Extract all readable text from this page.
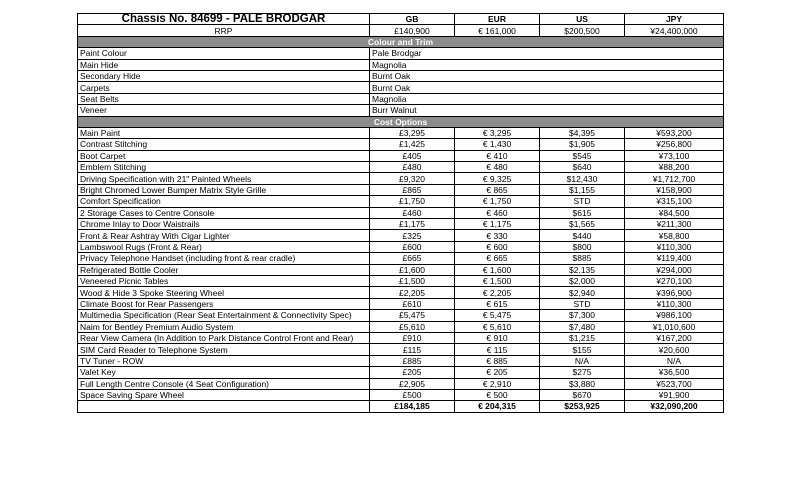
Chassis No. 84699 - PALE BRODGAR	GB	EUR	US	JPY
RRP	£140,900	€ 161,000	$200,500	¥24,400,000
Colour and Trim				
Paint Colour	Pale Brodgar			
Main Hide	Magnolia			
Secondary Hide	Burnt Oak			
Carpets	Burnt Oak			
Seat Belts	Magnolia			
Veneer	Burr Walnut			
Cost Options				
Main Paint	£3,295	€ 3,295	$4,395	¥593,200
Contrast Stitching	£1,425	€ 1,430	$1,905	¥256,800
Boot Carpet	£405	€ 410	$545	¥73,100
Emblem Stitching	£480	€ 480	$640	¥88,200
Driving Specification with 21" Painted Wheels	£9,320	€ 9,325	$12,430	¥1,712,700
Bright Chromed Lower Bumper Matrix Style Grille	£865	€ 865	$1,155	¥158,900
Comfort Specification	£1,750	€ 1,750	STD	¥315,100
2 Storage Cases to Centre Console	£460	€ 460	$615	¥84,500
Chrome Inlay to Door Waistrails	£1,175	€ 1,175	$1,565	¥211,300
Front & Rear Ashtray With Cigar Lighter	£325	€ 330	$440	¥58,800
Lambswool Rugs (Front & Rear)	£600	€ 600	$800	¥110,300
Privacy Telephone Handset (including front & rear cradle)	£665	€ 665	$885	¥119,400
Refrigerated Bottle Cooler	£1,600	€ 1,600	$2,135	¥294,000
Veneered Picnic Tables	£1,500	€ 1,500	$2,000	¥270,100
Wood & Hide 3 Spoke Steering Wheel	£2,205	€ 2,205	$2,940	¥396,900
Climate Boost for Rear Passengers	£610	€ 615	STD	¥110,300
Multimedia Specification (Rear Seat Entertainment & Connectivity Spec)	£5,475	€ 5,475	$7,300	¥986,100
Naim for Bentley Premium Audio System	£5,610	€ 5,610	$7,480	¥1,010,600
Rear View Camera (In Addition to Park Distance Control Front and Rear)	£910	€ 910	$1,215	¥167,200
SIM Card Reader to Telephone System	£115	€ 115	$155	¥20,600
TV Tuner - ROW	£885	€ 885	N/A	N/A
Valet Key	£205	€ 205	$275	¥36,500
Full Length Centre Console (4 Seat Configuration)	£2,905	€ 2,910	$3,880	¥523,700
Space Saving Spare Wheel	£500	€ 500	$670	¥91,900
	£184,185	€ 204,315	$253,925	¥32,090,200
